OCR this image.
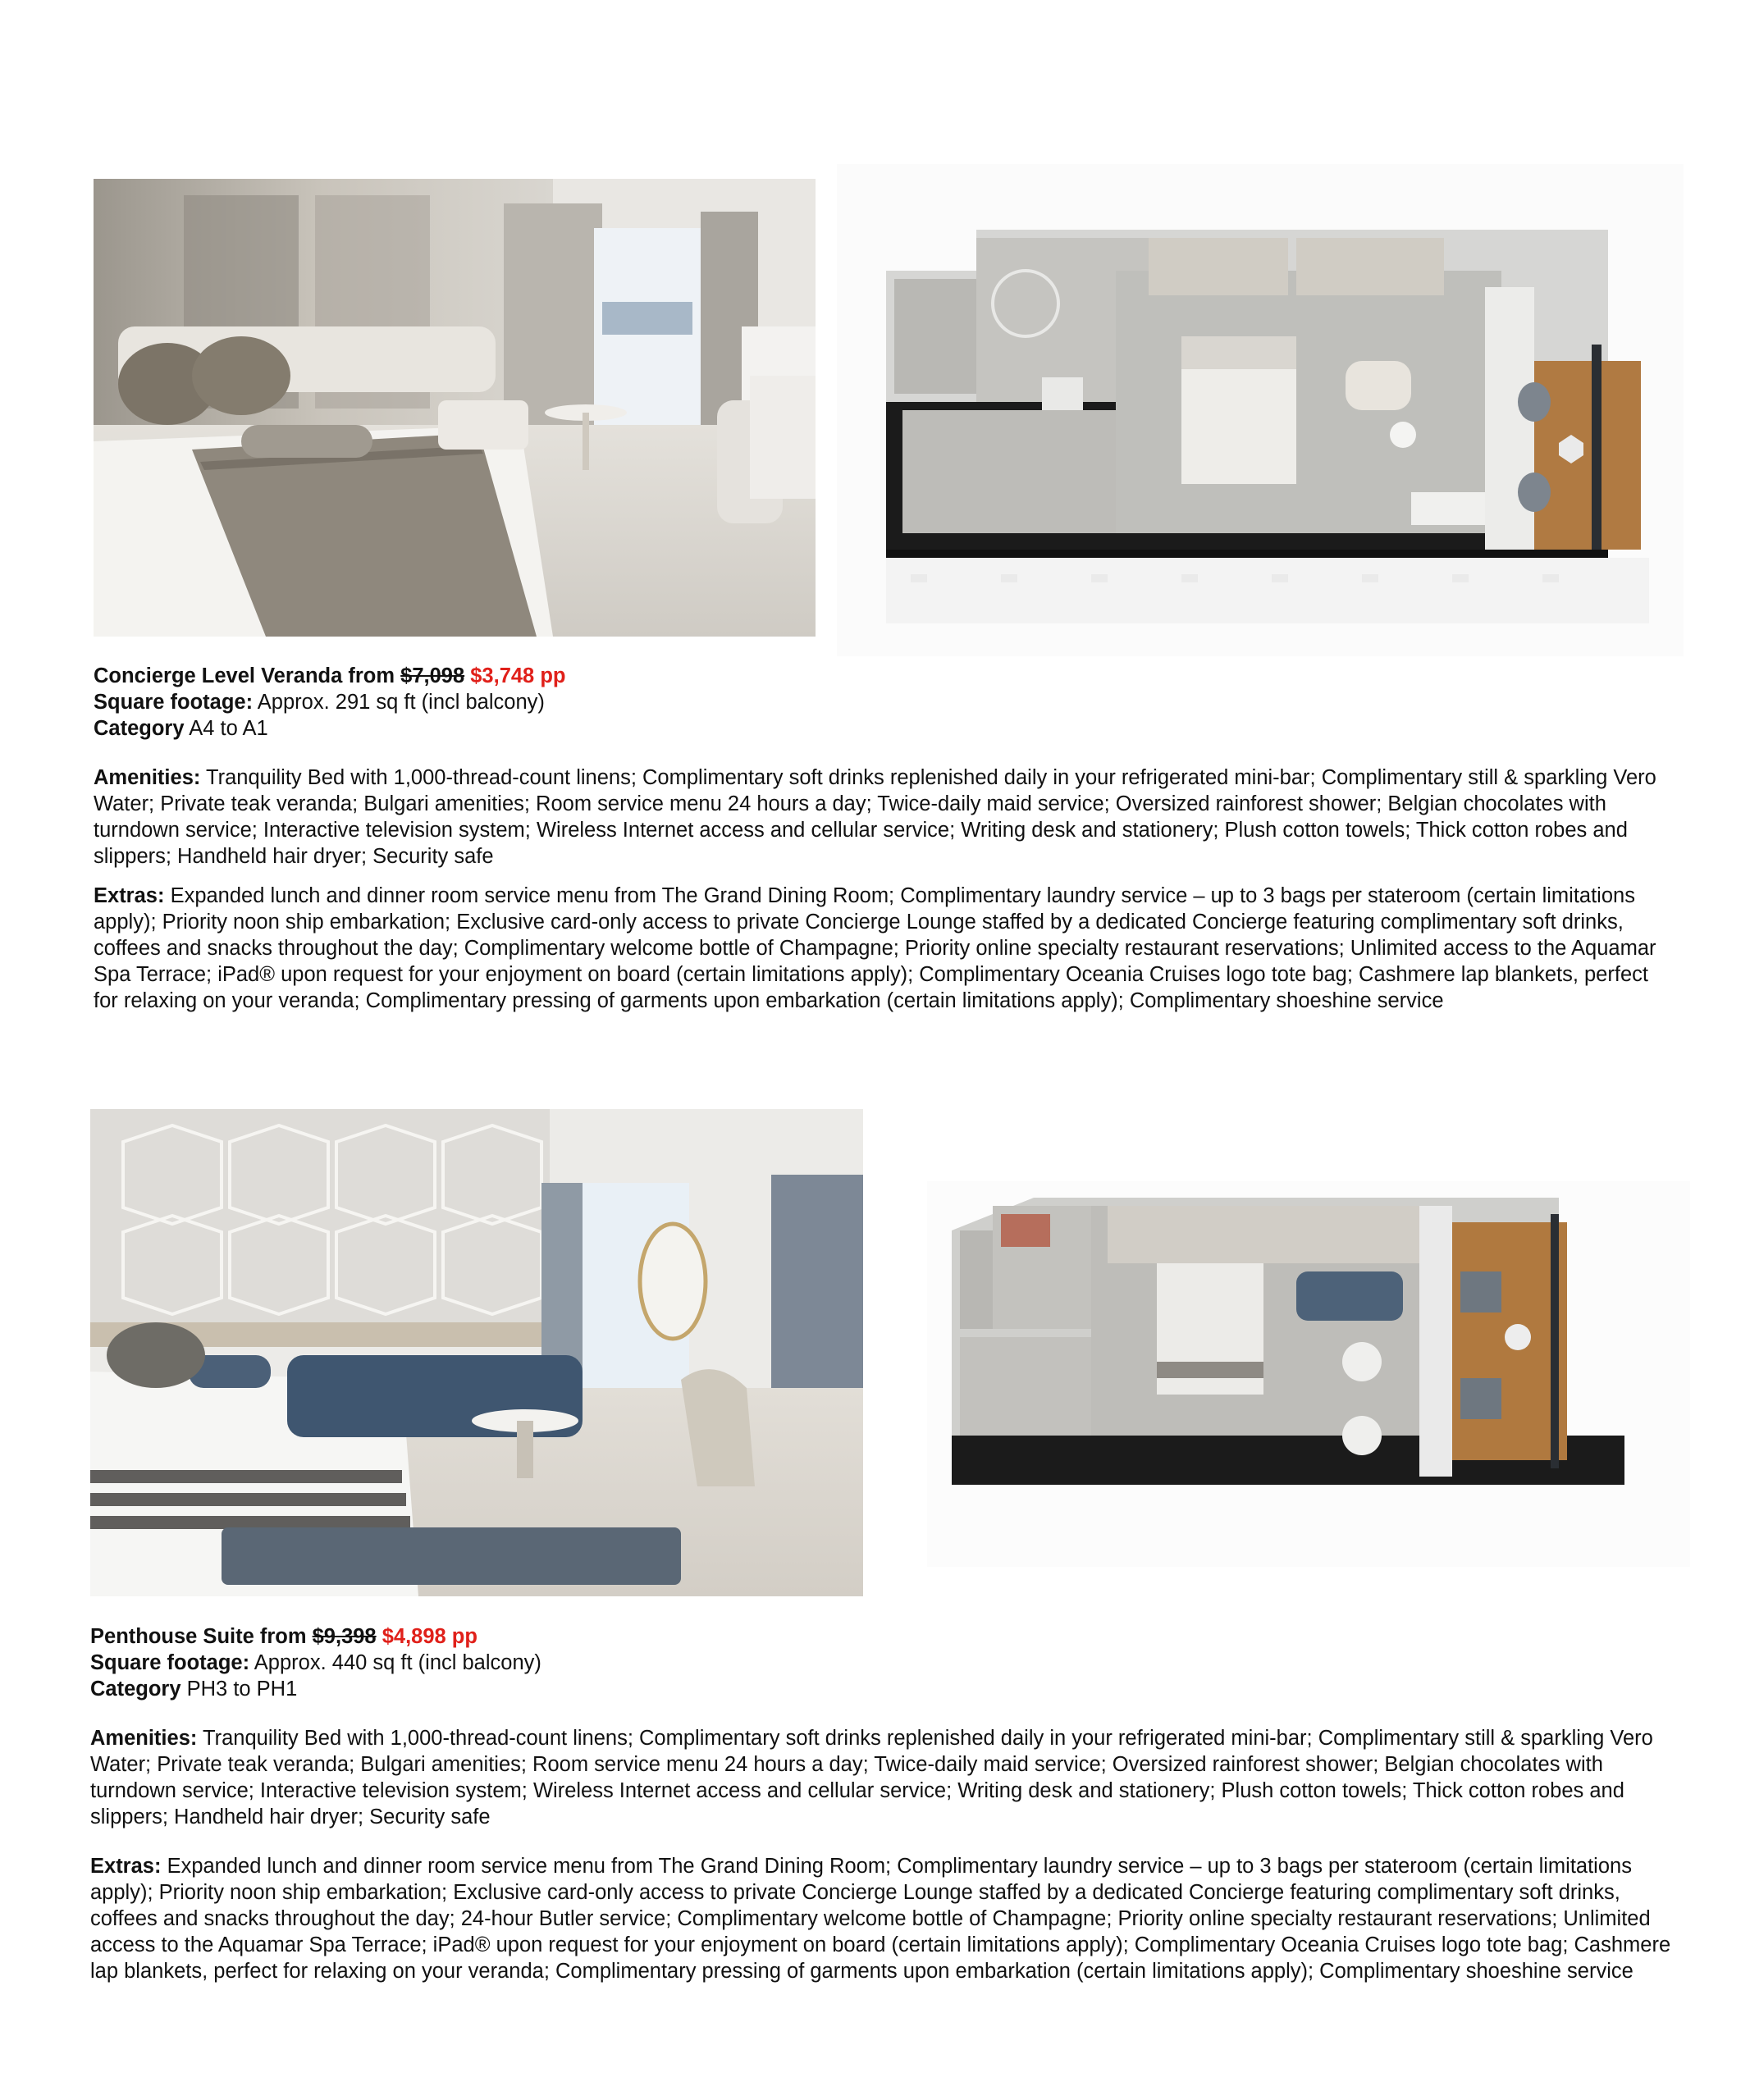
Concierge Level Veranda from $7,098 $3,748 pp

Square footage: Approx. 291 sq ft (incl balcony)

Category A4 to A1

Amenities: Tranquility Bed with 1,000-thread-count linens; Complimentary soft drinks replenished daily in your refrigerated mini-bar; Complimentary still & sparkling Vero Water; Private teak veranda; Bulgari amenities; Room service menu 24 hours a day; Twice-daily maid service; Oversized rainforest shower; Belgian chocolates with turndown service; Interactive television system; Wireless Internet access and cellular service; Writing desk and stationery; Plush cotton towels; Thick cotton robes and slippers; Handheld hair dryer; Security safe

Extras: Expanded lunch and dinner room service menu from The Grand Dining Room; Complimentary laundry service – up to 3 bags per stateroom (certain limitations apply); Priority noon ship embarkation; Exclusive card-only access to private Concierge Lounge staffed by a dedicated Concierge featuring complimentary soft drinks, coffees and snacks throughout the day; Complimentary welcome bottle of Champagne; Priority online specialty restaurant reservations; Unlimited access to the Aquamar Spa Terrace; iPad® upon request for your enjoyment on board (certain limitations apply); Complimentary Oceania Cruises logo tote bag; Cashmere lap blankets, perfect for relaxing on your veranda; Complimentary pressing of garments upon embarkation (certain limitations apply); Complimentary shoeshine service

Penthouse Suite from $9,398 $4,898 pp

Square footage: Approx. 440 sq ft (incl balcony)

Category PH3 to PH1

Amenities: Tranquility Bed with 1,000-thread-count linens; Complimentary soft drinks replenished daily in your refrigerated mini-bar; Complimentary still & sparkling Vero Water; Private teak veranda; Bulgari amenities; Room service menu 24 hours a day; Twice-daily maid service; Oversized rainforest shower; Belgian chocolates with turndown service; Interactive television system; Wireless Internet access and cellular service; Writing desk and stationery; Plush cotton towels; Thick cotton robes and slippers; Handheld hair dryer; Security safe

Extras: Expanded lunch and dinner room service menu from The Grand Dining Room; Complimentary laundry service – up to 3 bags per stateroom (certain limitations apply); Priority noon ship embarkation; Exclusive card-only access to private Concierge Lounge staffed by a dedicated Concierge featuring complimentary soft drinks, coffees and snacks throughout the day; 24-hour Butler service; Complimentary welcome bottle of Champagne; Priority online specialty restaurant reservations; Unlimited access to the Aquamar Spa Terrace; iPad® upon request for your enjoyment on board (certain limitations apply); Complimentary Oceania Cruises logo tote bag; Cashmere lap blankets, perfect for relaxing on your veranda; Complimentary pressing of garments upon embarkation (certain limitations apply); Complimentary shoeshine service
